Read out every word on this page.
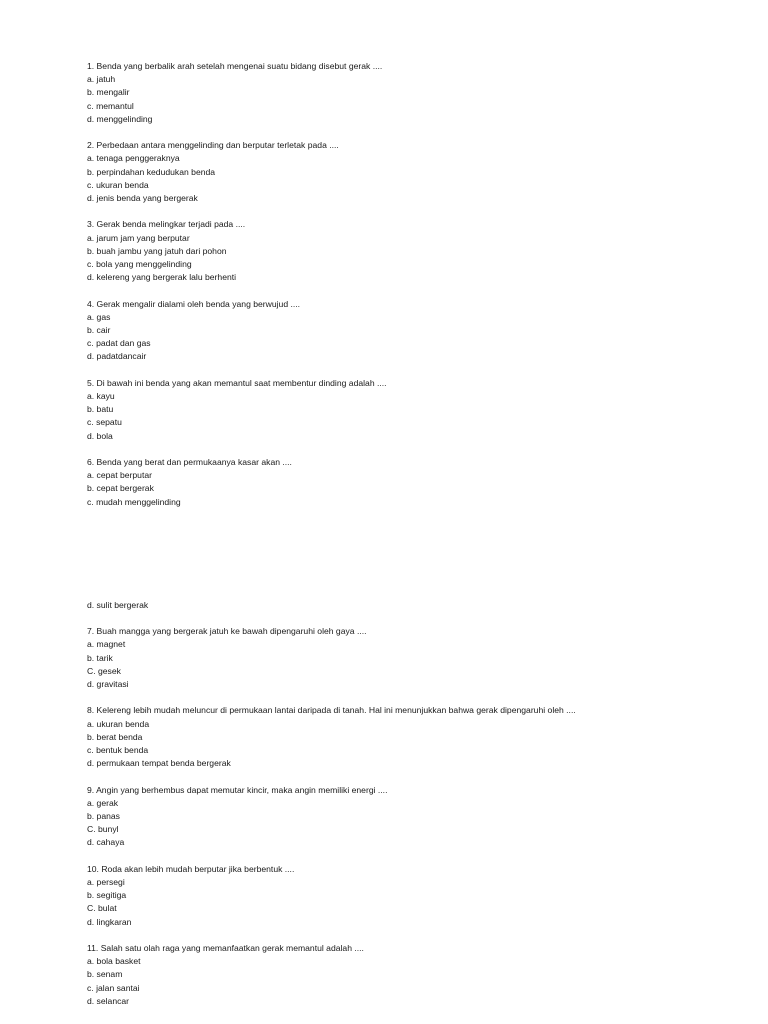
1. Benda yang berbalik arah setelah mengenai suatu bidang disebut gerak ....

a. jatuh

b. mengalir

c. memantul

d. menggelinding

2. Perbedaan antara menggelinding dan berputar terletak pada ....

a. tenaga penggeraknya

b. perpindahan kedudukan benda

c. ukuran benda

d. jenis benda yang bergerak

3. Gerak benda melingkar terjadi pada ....

a. jarum jam yang berputar

b. buah jambu yang jatuh dari pohon

c. bola yang menggelinding

d. kelereng yang bergerak lalu berhenti

4. Gerak mengalir dialami oleh benda yang berwujud ....

a. gas

b. cair

c. padat dan gas

d. padatdancair

5. Di bawah ini benda yang akan memantul saat membentur dinding adalah ....

a. kayu

b. batu

c. sepatu

d. bola

6. Benda yang berat dan permukaanya kasar akan ....

a. cepat berputar

b. cepat bergerak

c. mudah menggelinding

d. sulit bergerak

7. Buah mangga yang bergerak jatuh ke bawah dipengaruhi oleh gaya ....

a. magnet

b. tarik

C. gesek

d. gravitasi

8. Kelereng lebih mudah meluncur di permukaan lantai daripada di tanah. Hal ini menunjukkan bahwa gerak dipengaruhi oleh ....

a. ukuran benda

b. berat benda

c. bentuk benda

d. permukaan tempat benda bergerak

9. Angin yang berhembus dapat memutar kincir, maka angin memiliki energi ....

a. gerak

b. panas

C. bunyl

d. cahaya

10. Roda akan lebih mudah berputar jika berbentuk ....

a. persegi

b. segitiga

C. bulat

d. lingkaran

11. Salah satu olah raga yang memanfaatkan gerak memantul adalah ....

a. bola basket

b. senam

c. jalan santai

d. selancar
